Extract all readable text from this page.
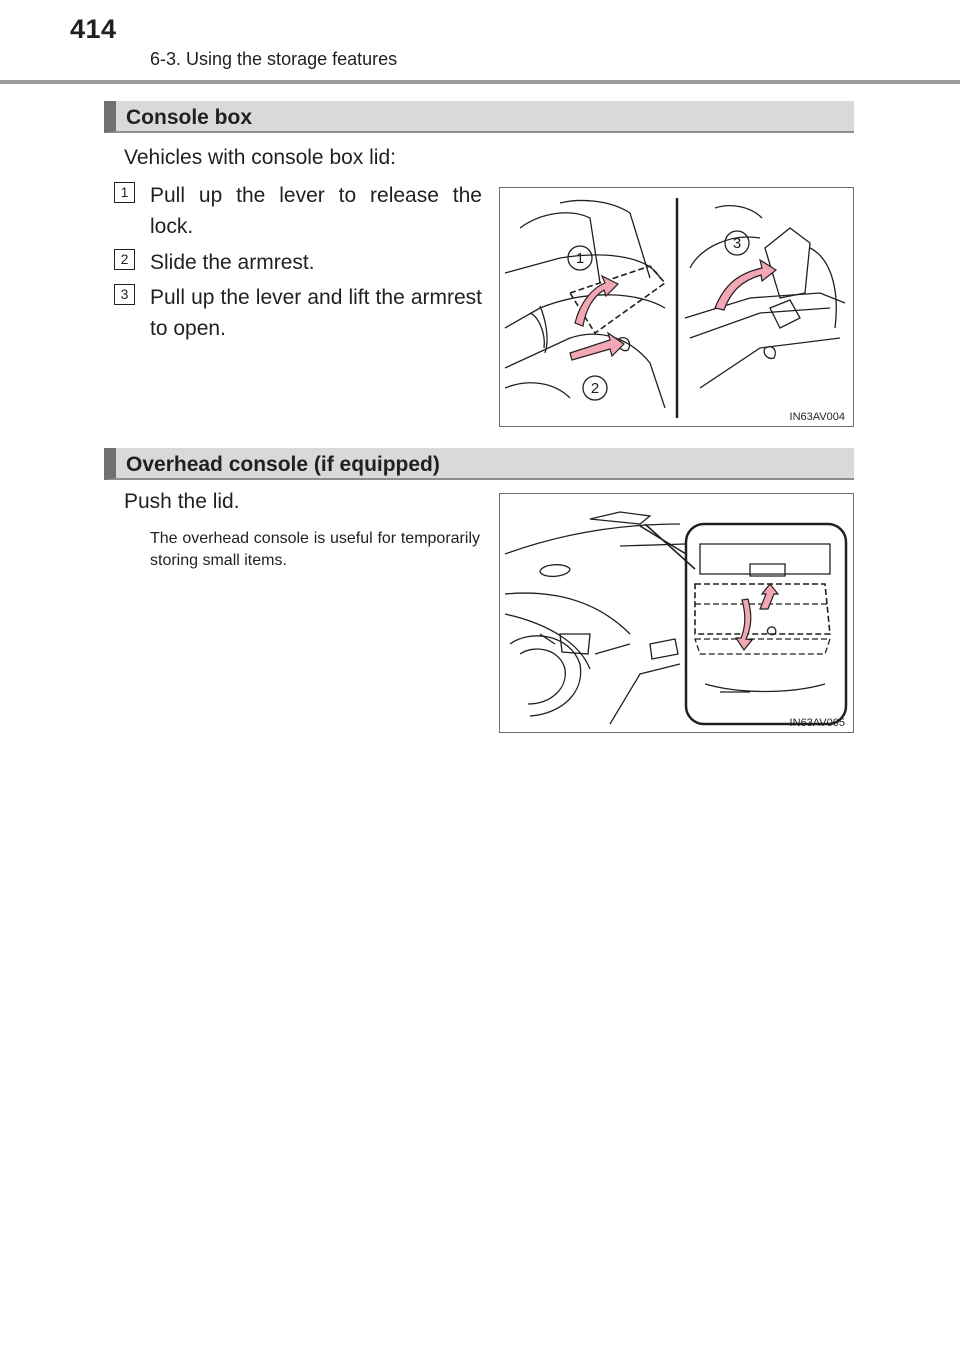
414
6-3. Using the storage features
Console box
Vehicles with console box lid:
1	Pull up the lever to release the lock.
2	Slide the armrest.
3	Pull up the lever and lift the armrest to open.
1
2
3
IN63AV004
Overhead console (if equipped)
Push the lid.
The overhead console is useful for temporarily storing small items.
IN63AV005
